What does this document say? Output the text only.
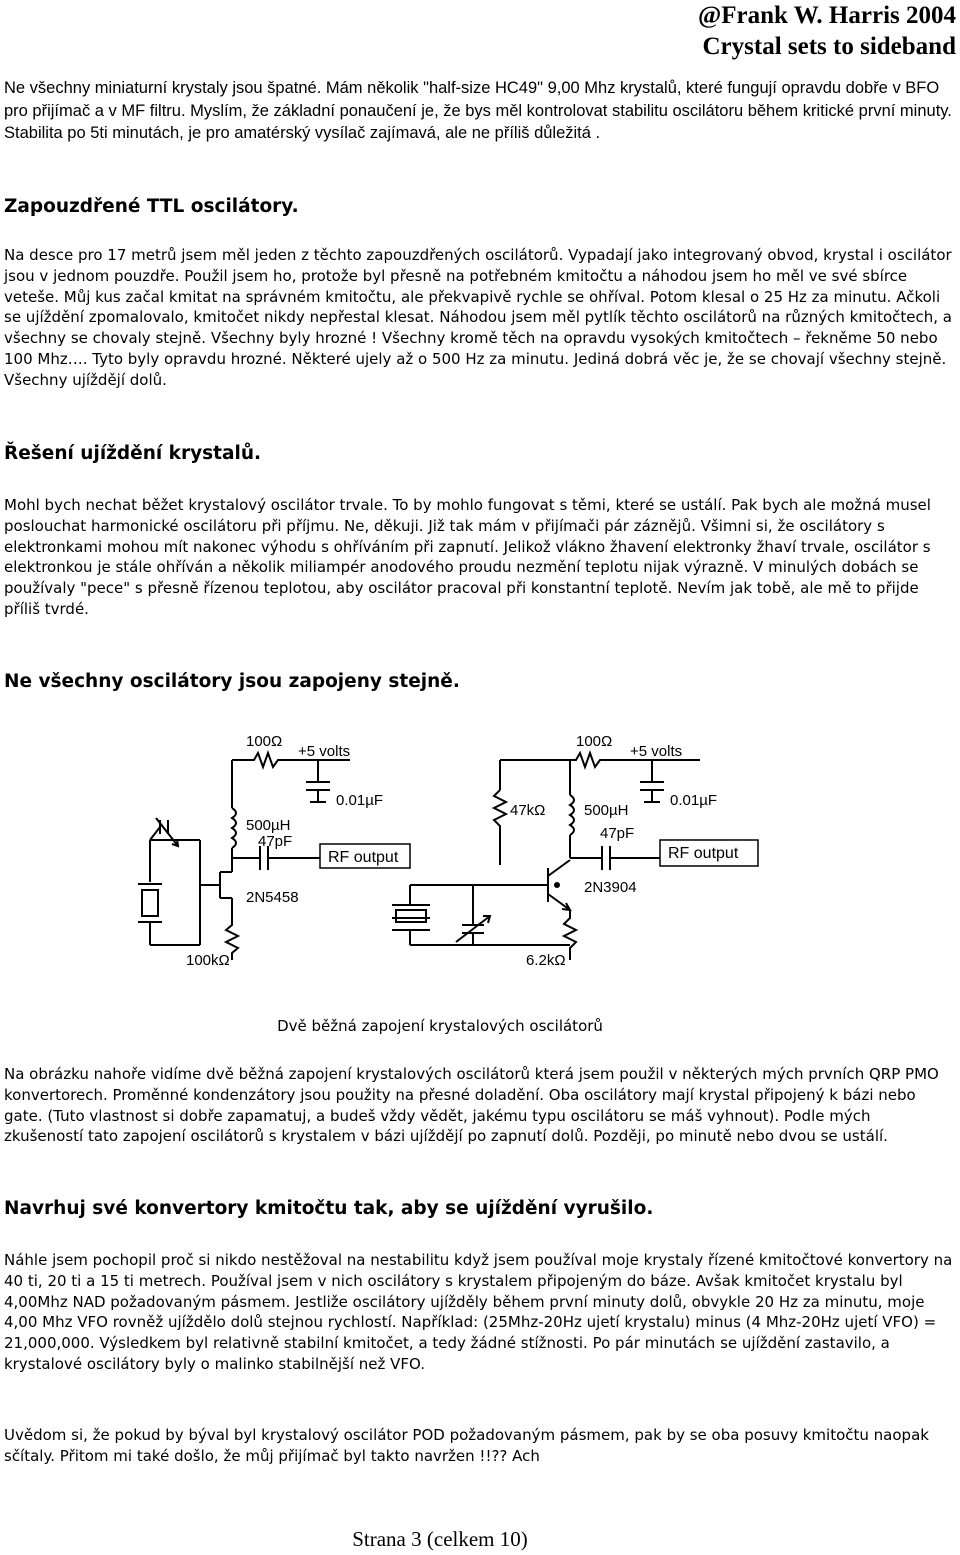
@Frank W. Harris 2004
Crystal sets to sideband

Ne všechny miniaturní krystaly jsou špatné. Mám několik "half-size HC49" 9,00 Mhz krystalů, které fungují opravdu dobře v BFO pro přijímač a v MF filtru. Myslím, že základní ponaučení je, že bys měl kontrolovat stabilitu oscilátoru během kritické první minuty. Stabilita po 5ti minutách, je pro amatérský vysílač zajímavá, ale ne příliš důležitá .

Zapouzdřené TTL oscilátory.

Na desce pro 17 metrů jsem měl jeden z těchto zapouzdřených oscilátorů. Vypadají jako integrovaný obvod, krystal i oscilátor jsou v jednom pouzdře. Použil jsem ho, protože byl přesně na potřebném kmitočtu a náhodou jsem ho měl ve své sbírce veteše. Můj kus začal kmitat na správném kmitočtu, ale překvapivě rychle se ohříval. Potom klesal o 25 Hz za minutu. Ačkoli se ujíždění zpomalovalo, kmitočet nikdy nepřestal klesat. Náhodou jsem měl pytlík těchto oscilátorů na různých kmitočtech, a všechny se chovaly stejně. Všechny byly hrozné ! Všechny kromě těch na opravdu vysokých kmitočtech – řekněme 50 nebo 100 Mhz…. Tyto byly opravdu hrozné. Některé ujely až o 500 Hz za minutu. Jediná dobrá věc je, že se chovají všechny stejně. Všechny ujíždějí dolů.

Řešení ujíždění krystalů.

Mohl bych nechat běžet krystalový oscilátor trvale. To by mohlo fungovat s těmi, které se ustálí. Pak bych ale možná musel poslouchat harmonické oscilátoru při příjmu. Ne, děkuji. Již tak mám v přijímači pár záznějů. Všimni si, že oscilátory s elektronkami mohou mít nakonec výhodu s ohříváním při zapnutí. Jelikož vlákno žhavení elektronky žhaví trvale, oscilátor s elektronkou je stále ohříván a několik miliampér anodového proudu nezmění teplotu nijak výrazně. V minulých dobách se používaly "pece" s přesně řízenou teplotou, aby oscilátor pracoval při konstantní teplotě. Nevím jak tobě, ale mě to přijde příliš tvrdé.

Ne všechny oscilátory jsou zapojeny stejně.
100Ω
+5 volts
0.01µF
500µH
47pF
RF output
2N5458
100kΩ
100Ω
+5 volts
0.01µF
500µH
47pF
RF output
47kΩ
2N3904
6.2kΩ
Dvě běžná zapojení krystalových oscilátorů

Na obrázku nahoře vidíme dvě běžná zapojení krystalových oscilátorů která jsem použil v některých mých prvních QRP PMO konvertorech. Proměnné kondenzátory jsou použity na přesné doladění. Oba oscilátory mají krystal připojený k bázi nebo gate. (Tuto vlastnost si dobře zapamatuj, a budeš vždy vědět, jakému typu oscilátoru se máš vyhnout). Podle mých zkušeností tato zapojení oscilátorů s krystalem v bázi ujíždějí po zapnutí dolů. Později, po minutě nebo dvou se ustálí.

Navrhuj své konvertory kmitočtu tak, aby se ujíždění vyrušilo.

Náhle jsem pochopil proč si nikdo nestěžoval na nestabilitu když jsem používal moje krystaly řízené kmitočtové konvertory na 40 ti, 20 ti a 15 ti metrech. Používal jsem v nich oscilátory s krystalem připojeným do báze. Avšak kmitočet krystalu byl 4,00Mhz NAD požadovaným pásmem. Jestliže oscilátory ujížděly během první minuty dolů, obvykle 20 Hz za minutu, moje 4,00 Mhz VFO rovněž ujíždělo dolů stejnou rychlostí. Například: (25Mhz-20Hz ujetí krystalu) minus (4 Mhz-20Hz ujetí VFO) = 21,000,000. Výsledkem byl relativně stabilní kmitočet, a tedy žádné stížnosti. Po pár minutách se ujíždění zastavilo, a krystalové oscilátory byly o malinko stabilnější než VFO.

Uvědom si, že pokud by býval byl krystalový oscilátor POD požadovaným pásmem, pak by se oba posuvy kmitočtu naopak sčítaly. Přitom mi také došlo, že můj přijímač byl takto navržen !!?? Ach

Strana 3 (celkem 10)
